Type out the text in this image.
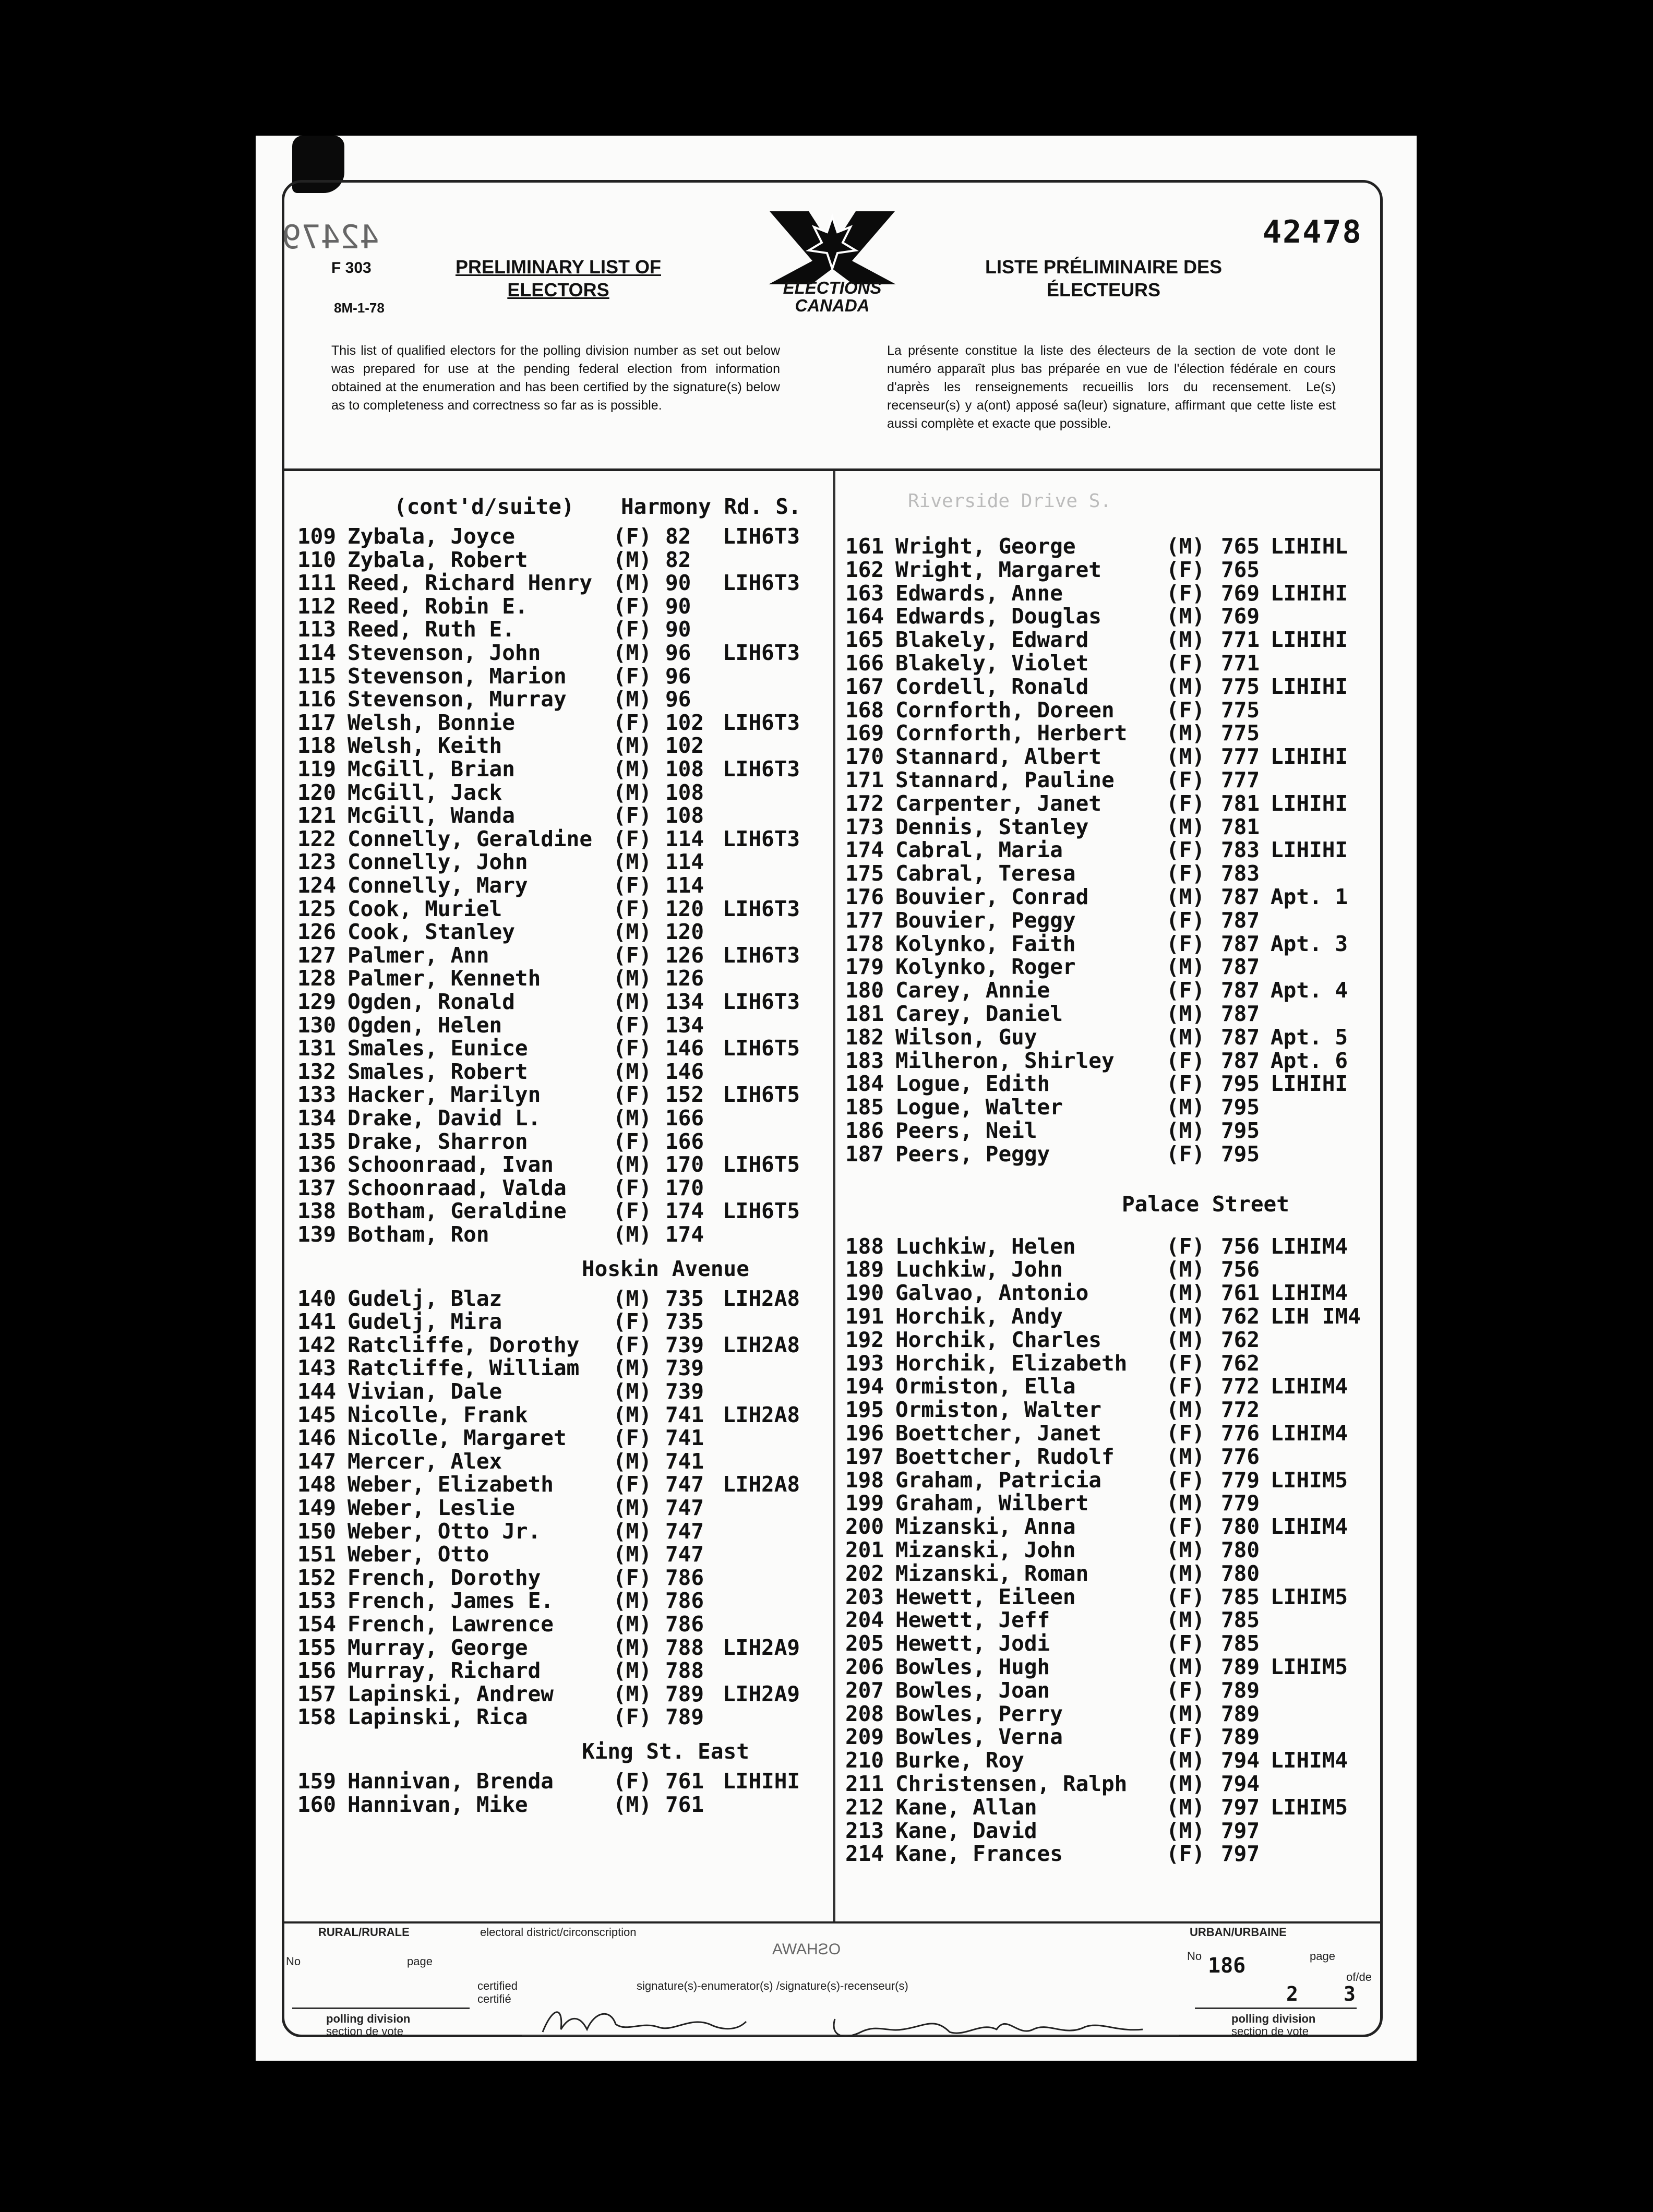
F 303
8M-1-78
42479	42478
PRELIMINARY LIST OF
ELECTORS
LISTE PRÉLIMINAIRE DES
ÉLECTEURS
ELECTIONS
CANADA
This list of qualified electors for the polling division number as set out below was prepared for use at the pending federal election from information obtained at the enumeration and has been certified by the signature(s) below as to completeness and correctness so far as is possible.
La présente constitue la liste des électeurs de la section de vote dont le numéro apparaît plus bas préparée en vue de l'élection fédérale en cours d'après les renseignements recueillis lors du recensement. Le(s) recenseur(s) y a(ont) apposé sa(leur) signature, affirmant que cette liste est aussi complète et exacte que possible.
(cont'd/suite) Harmony Rd. S.
109 Zybala, Joyce	(F) 82 LIH6T3
110 Zybala, Robert	(M) 82
111 Reed, Richard Henry (M) 90 LIH6T3
112 Reed, Robin E.	(F) 90
113 Reed, Ruth E.	(F) 90
114 Stevenson, John	(M) 96 LIH6T3
115 Stevenson, Marion (F) 96
116 Stevenson, Murray (M) 96
117 Welsh, Bonnie	(F) 102 LIH6T3
118 Welsh, Keith	(M) 102
119 McGill, Brian	(M) 108 LIH6T3
120 McGill, Jack	(M) 108
121 McGill, Wanda	(F) 108
122 Connelly, Geraldine (F) 114 LIH6T3
123 Connelly, John	(M) 114
124 Connelly, Mary	(F) 114
125 Cook, Muriel	(F) 120 LIH6T3
126 Cook, Stanley	(M) 120
127 Palmer, Ann	(F) 126 LIH6T3
128 Palmer, Kenneth	(M) 126
129 Ogden, Ronald	(M) 134 LIH6T3
130 Ogden, Helen	(F) 134
131 Smales, Eunice	(F) 146 LIH6T5
132 Smales, Robert	(M) 146
133 Hacker, Marilyn	(F) 152 LIH6T5
134 Drake, David L.	(M) 166
135 Drake, Sharron	(F) 166
136 Schoonraad, Ivan	(M) 170 LIH6T5
137 Schoonraad, Valda (F) 170
138 Botham, Geraldine (F) 174 LIH6T5
139 Botham, Ron	(M) 174
Hoskin Avenue
140 Gudelj, Blaz	(M) 735 LIH2A8
141 Gudelj, Mira	(F) 735
142 Ratcliffe, Dorothy (F) 739 LIH2A8
143 Ratcliffe, William (M) 739
144 Vivian, Dale	(M) 739
145 Nicolle, Frank	(M) 741 LIH2A8
146 Nicolle, Margaret (F) 741
147 Mercer, Alex	(M) 741
148 Weber, Elizabeth	(F) 747 LIH2A8
149 Weber, Leslie	(M) 747
150 Weber, Otto Jr.	(M) 747
151 Weber, Otto	(M) 747
152 French, Dorothy	(F) 786
153 French, James E.	(M) 786
154 French, Lawrence	(M) 786
155 Murray, George	(M) 788 LIH2A9
156 Murray, Richard	(M) 788
157 Lapinski, Andrew	(M) 789 LIH2A9
158 Lapinski, Rica	(F) 789
King St. East
159 Hannivan, Brenda	(F) 761 LIHIHI
160 Hannivan, Mike	(M) 761
161 Wright, George	(M) 765 LIHIHL
162 Wright, Margaret	(F) 765
163 Edwards, Anne	(F) 769 LIHIHI
164 Edwards, Douglas	(M) 769
165 Blakely, Edward	(M) 771 LIHIHI
166 Blakely, Violet	(F) 771
167 Cordell, Ronald	(M) 775 LIHIHI
168 Cornforth, Doreen (F) 775
169 Cornforth, Herbert (M) 775
170 Stannard, Albert	(M) 777 LIHIHI
171 Stannard, Pauline (F) 777
172 Carpenter, Janet	(F) 781 LIHIHI
173 Dennis, Stanley	(M) 781
174 Cabral, Maria	(F) 783 LIHIHI
175 Cabral, Teresa	(F) 783
176 Bouvier, Conrad	(M) 787 Apt. 1
177 Bouvier, Peggy	(F) 787
178 Kolynko, Faith	(F) 787 Apt. 3
179 Kolynko, Roger	(M) 787
180 Carey, Annie	(F) 787 Apt. 4
181 Carey, Daniel	(M) 787
182 Wilson, Guy	(M) 787 Apt. 5
183 Milheron, Shirley (F) 787 Apt. 6
184 Logue, Edith	(F) 795 LIHIHI
185 Logue, Walter	(M) 795
186 Peers, Neil	(M) 795
187 Peers, Peggy	(F) 795
Palace Street
188 Luchkiw, Helen	(F) 756 LIHIM4
189 Luchkiw, John	(M) 756
190 Galvao, Antonio	(M) 761 LIHIM4
191 Horchik, Andy	(M) 762 LIH IM4
192 Horchik, Charles	(M) 762
193 Horchik, Elizabeth (F) 762
194 Ormiston, Ella	(F) 772 LIHIM4
195 Ormiston, Walter	(M) 772
196 Boettcher, Janet	(F) 776 LIHIM4
197 Boettcher, Rudolf (M) 776
198 Graham, Patricia	(F) 779 LIHIM5
199 Graham, Wilbert	(M) 779
200 Mizanski, Anna	(F) 780 LIHIM4
201 Mizanski, John	(M) 780
202 Mizanski, Roman	(M) 780
203 Hewett, Eileen	(F) 785 LIHIM5
204 Hewett, Jeff	(M) 785
205 Hewett, Jodi	(F) 785
206 Bowles, Hugh	(M) 789 LIHIM5
207 Bowles, Joan	(F) 789
208 Bowles, Perry	(M) 789
209 Bowles, Verna	(F) 789
210 Burke, Roy	(M) 794 LIHIM4
211 Christensen, Ralph (M) 794
212 Kane, Allan	(M) 797 LIHIM5
213 Kane, David	(M) 797
214 Kane, Frances	(F) 797
Riverside Drive S.
RURAL/RURALE	URBAN/URBAINE
electoral district/circonscription
OSHAWA
No	page
certified
certifié
signature(s)-enumerator(s) /signature(s)-recenseur(s)
polling division
section de vote
No	page
of/de
polling division
section de vote
186
2 3
